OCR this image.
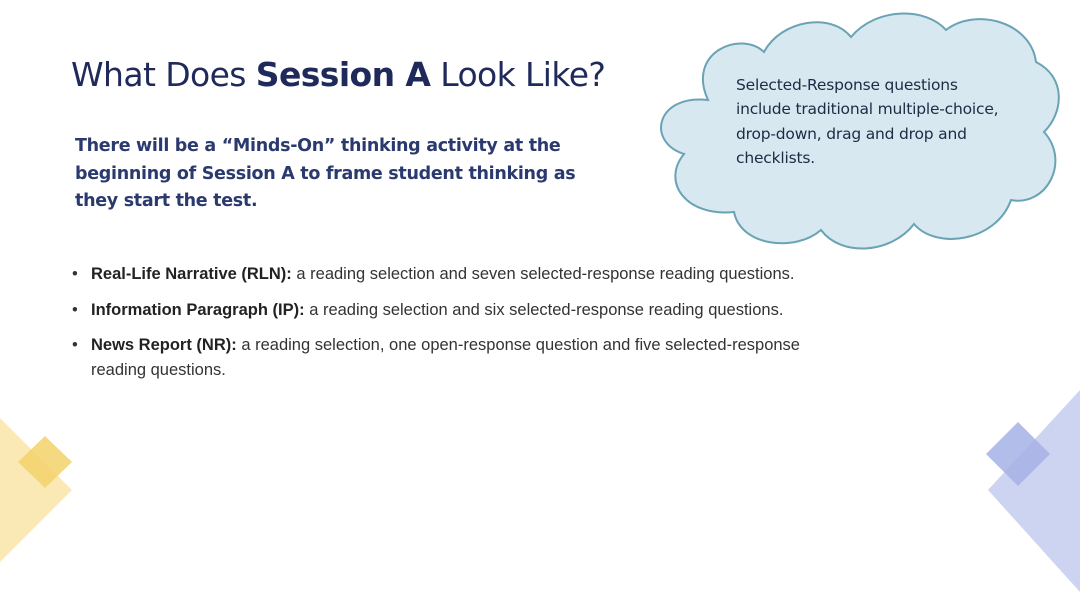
What Does Session A Look Like?

There will be a “Minds-On” thinking activity at the beginning of Session A to frame student thinking as they start the test.

Selected-Response questions include traditional multiple-choice, drop-down, drag and drop and checklists.

• Real-Life Narrative (RLN): a reading selection and seven selected-response reading questions.
• Information Paragraph (IP): a reading selection and six selected-response reading questions.
• News Report (NR): a reading selection, one open-response question and five selected-response reading questions.
